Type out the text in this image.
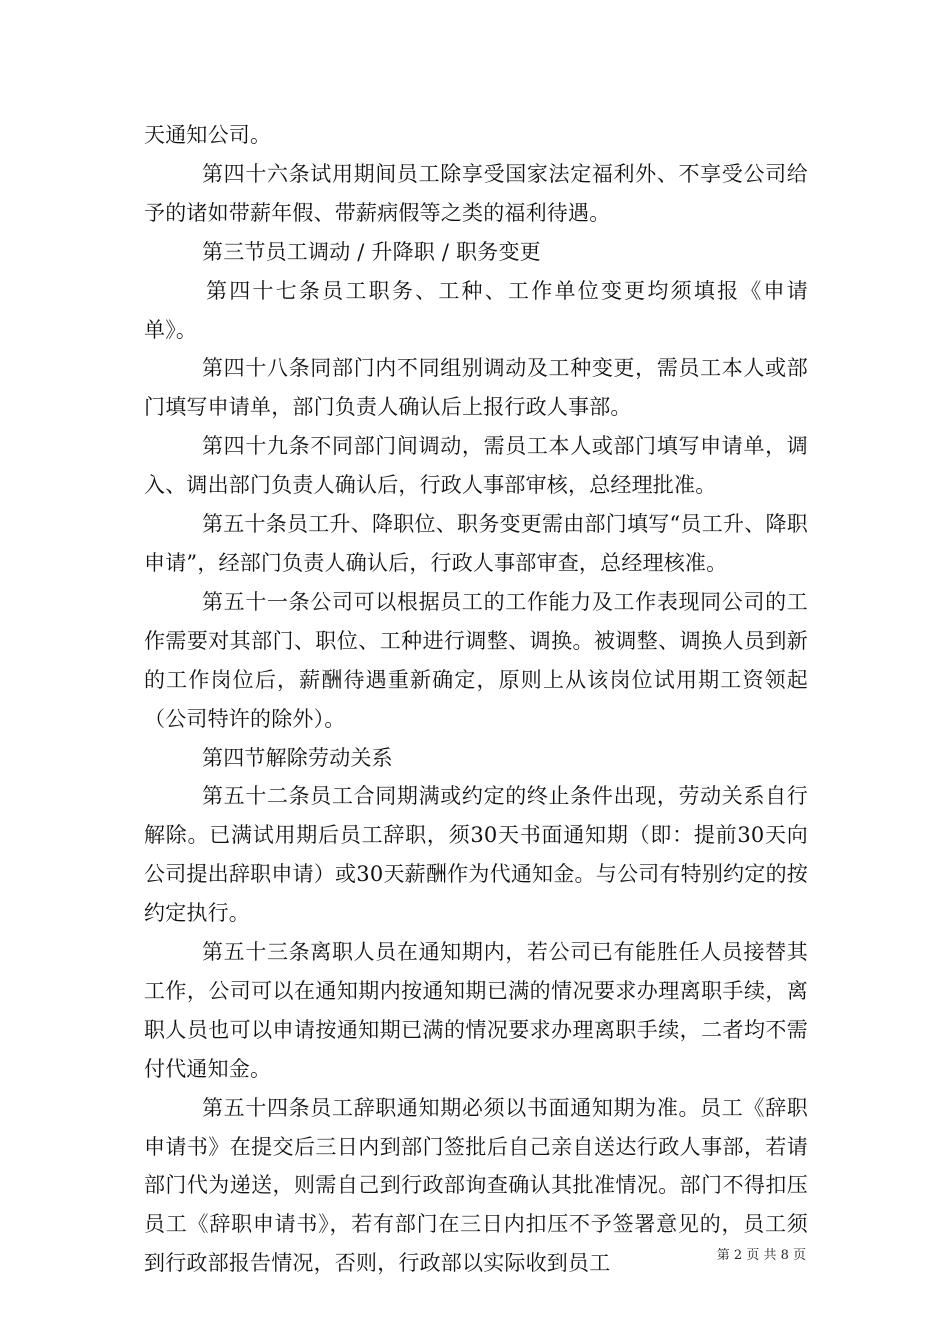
天通知公司。

第四十六条试用期间员工除享受国家法定福利外、不享受公司给予的诸如带薪年假、带薪病假等之类的福利待遇。

第三节员工调动 / 升降职 / 职务变更

第四十七条员工职务、工种、工作单位变更均须填报《申请单》。

第四十八条同部门内不同组别调动及工种变更，需员工本人或部门填写申请单，部门负责人确认后上报行政人事部。

第四十九条不同部门间调动，需员工本人或部门填写申请单，调入、调出部门负责人确认后，行政人事部审核，总经理批准。

第五十条员工升、降职位、职务变更需由部门填写“员工升、降职申请”，经部门负责人确认后，行政人事部审查，总经理核准。

第五十一条公司可以根据员工的工作能力及工作表现同公司的工作需要对其部门、职位、工种进行调整、调换。被调整、调换人员到新的工作岗位后，薪酬待遇重新确定，原则上从该岗位试用期工资领起（公司特许的除外）。

第四节解除劳动关系

第五十二条员工合同期满或约定的终止条件出现，劳动关系自行解除。已满试用期后员工辞职，须30天书面通知期（即：提前30天向公司提出辞职申请）或30天薪酬作为代通知金。与公司有特别约定的按约定执行。

第五十三条离职人员在通知期内，若公司已有能胜任人员接替其工作，公司可以在通知期内按通知期已满的情况要求办理离职手续，离职人员也可以申请按通知期已满的情况要求办理离职手续，二者均不需付代通知金。

第五十四条员工辞职通知期必须以书面通知期为准。员工《辞职申请书》在提交后三日内到部门签批后自己亲自送达行政人事部，若请部门代为递送，则需自己到行政部询查确认其批准情况。部门不得扣压员工《辞职申请书》，若有部门在三日内扣压不予签署意见的，员工须到行政部报告情况，否则，行政部以实际收到员工	第 2 页 共 8 页
